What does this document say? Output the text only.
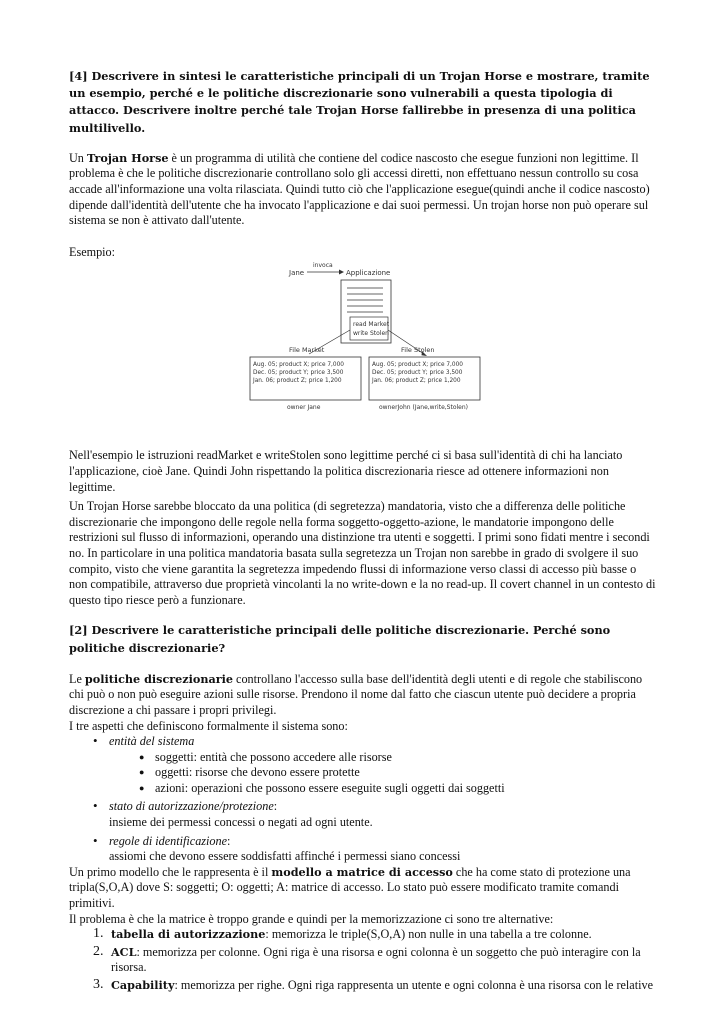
[4] Descrivere in sintesi le caratteristiche principali di un Trojan Horse e mostrare, tramite un esempio, perché e le politiche discrezionarie sono vulnerabili a questa tipologia di attacco. Descrivere inoltre perché tale Trojan Horse fallirebbe in presenza di una politica multilivello.

Un Trojan Horse è un programma di utilità che contiene del codice nascosto che esegue funzioni non legittime. Il problema è che le politiche discrezionarie controllano solo gli accessi diretti, non effettuano nessun controllo su cosa accade all'informazione una volta rilasciata. Quindi tutto ciò che l'applicazione esegue(quindi anche il codice nascosto) dipende dall'identità dell'utente che ha invocato l'applicazione e dai suoi permessi. Un trojan horse non può operare sul sistema se non è attivato dall'utente.

Esempio:

Jane
invoca
Applicazione
read Market
write Stolen
File Market	File Stolen
Aug. 05; product X; price 7,000
Dec. 05; product Y; price 3,500
Jan. 06; product Z; price 1,200
Aug. 05; product X; price 7,000
Dec. 05; product Y; price 3,500
Jan. 06; product Z; price 1,200
owner Jane	ownerJohn (Jane,write,Stolen)

Nell'esempio le istruzioni readMarket e writeStolen sono legittime perché ci si basa sull'identità di chi ha lanciato l'applicazione, cioè Jane. Quindi John rispettando la politica discrezionaria riesce ad ottenere informazioni non legittime.

Un Trojan Horse sarebbe bloccato da una politica (di segretezza) mandatoria, visto che a differenza delle politiche discrezionarie che impongono delle regole nella forma soggetto-oggetto-azione, le mandatorie impongono delle restrizioni sul flusso di informazioni, operando una distinzione tra utenti e soggetti. I primi sono fidati mentre i secondi no. In particolare in una politica mandatoria basata sulla segretezza un Trojan non sarebbe in grado di svolgere il suo compito, visto che viene garantita la segretezza impedendo flussi di informazione verso classi di accesso più basse o non compatibile, attraverso due proprietà vincolanti la no write-down e la no read-up. Il covert channel in un contesto di questo tipo riesce però a funzionare.

[2] Descrivere le caratteristiche principali delle politiche discrezionarie. Perché sono politiche discrezionarie?

Le politiche discrezionarie controllano l'accesso sulla base dell'identità degli utenti e di regole che stabiliscono chi può o non può eseguire azioni sulle risorse. Prendono il nome dal fatto che ciascun utente può decidere a propria discrezione a chi passare i propri privilegi.

I tre aspetti che definiscono formalmente il sistema sono:

• entità del sistema
● soggetti: entità che possono accedere alle risorse
● oggetti: risorse che devono essere protette
● azioni: operazioni che possono essere eseguite sugli oggetti dai soggetti
• stato di autorizzazione/protezione:
insieme dei permessi concessi o negati ad ogni utente.
• regole di identificazione:
assiomi che devono essere soddisfatti affinché i permessi siano concessi

Un primo modello che le rappresenta è il modello a matrice di accesso che ha come stato di protezione una tripla(S,O,A) dove S: soggetti; O: oggetti; A: matrice di accesso. Lo stato può essere modificato tramite comandi primitivi.

Il problema è che la matrice è troppo grande e quindi per la memorizzazione ci sono tre alternative:

1. tabella di autorizzazione: memorizza le triple(S,O,A) non nulle in una tabella a tre colonne.
2. ACL: memorizza per colonne. Ogni riga è una risorsa e ogni colonna è un soggetto che può interagire con la risorsa.
3. Capability: memorizza per righe. Ogni riga rappresenta un utente e ogni colonna è una risorsa con le relative
